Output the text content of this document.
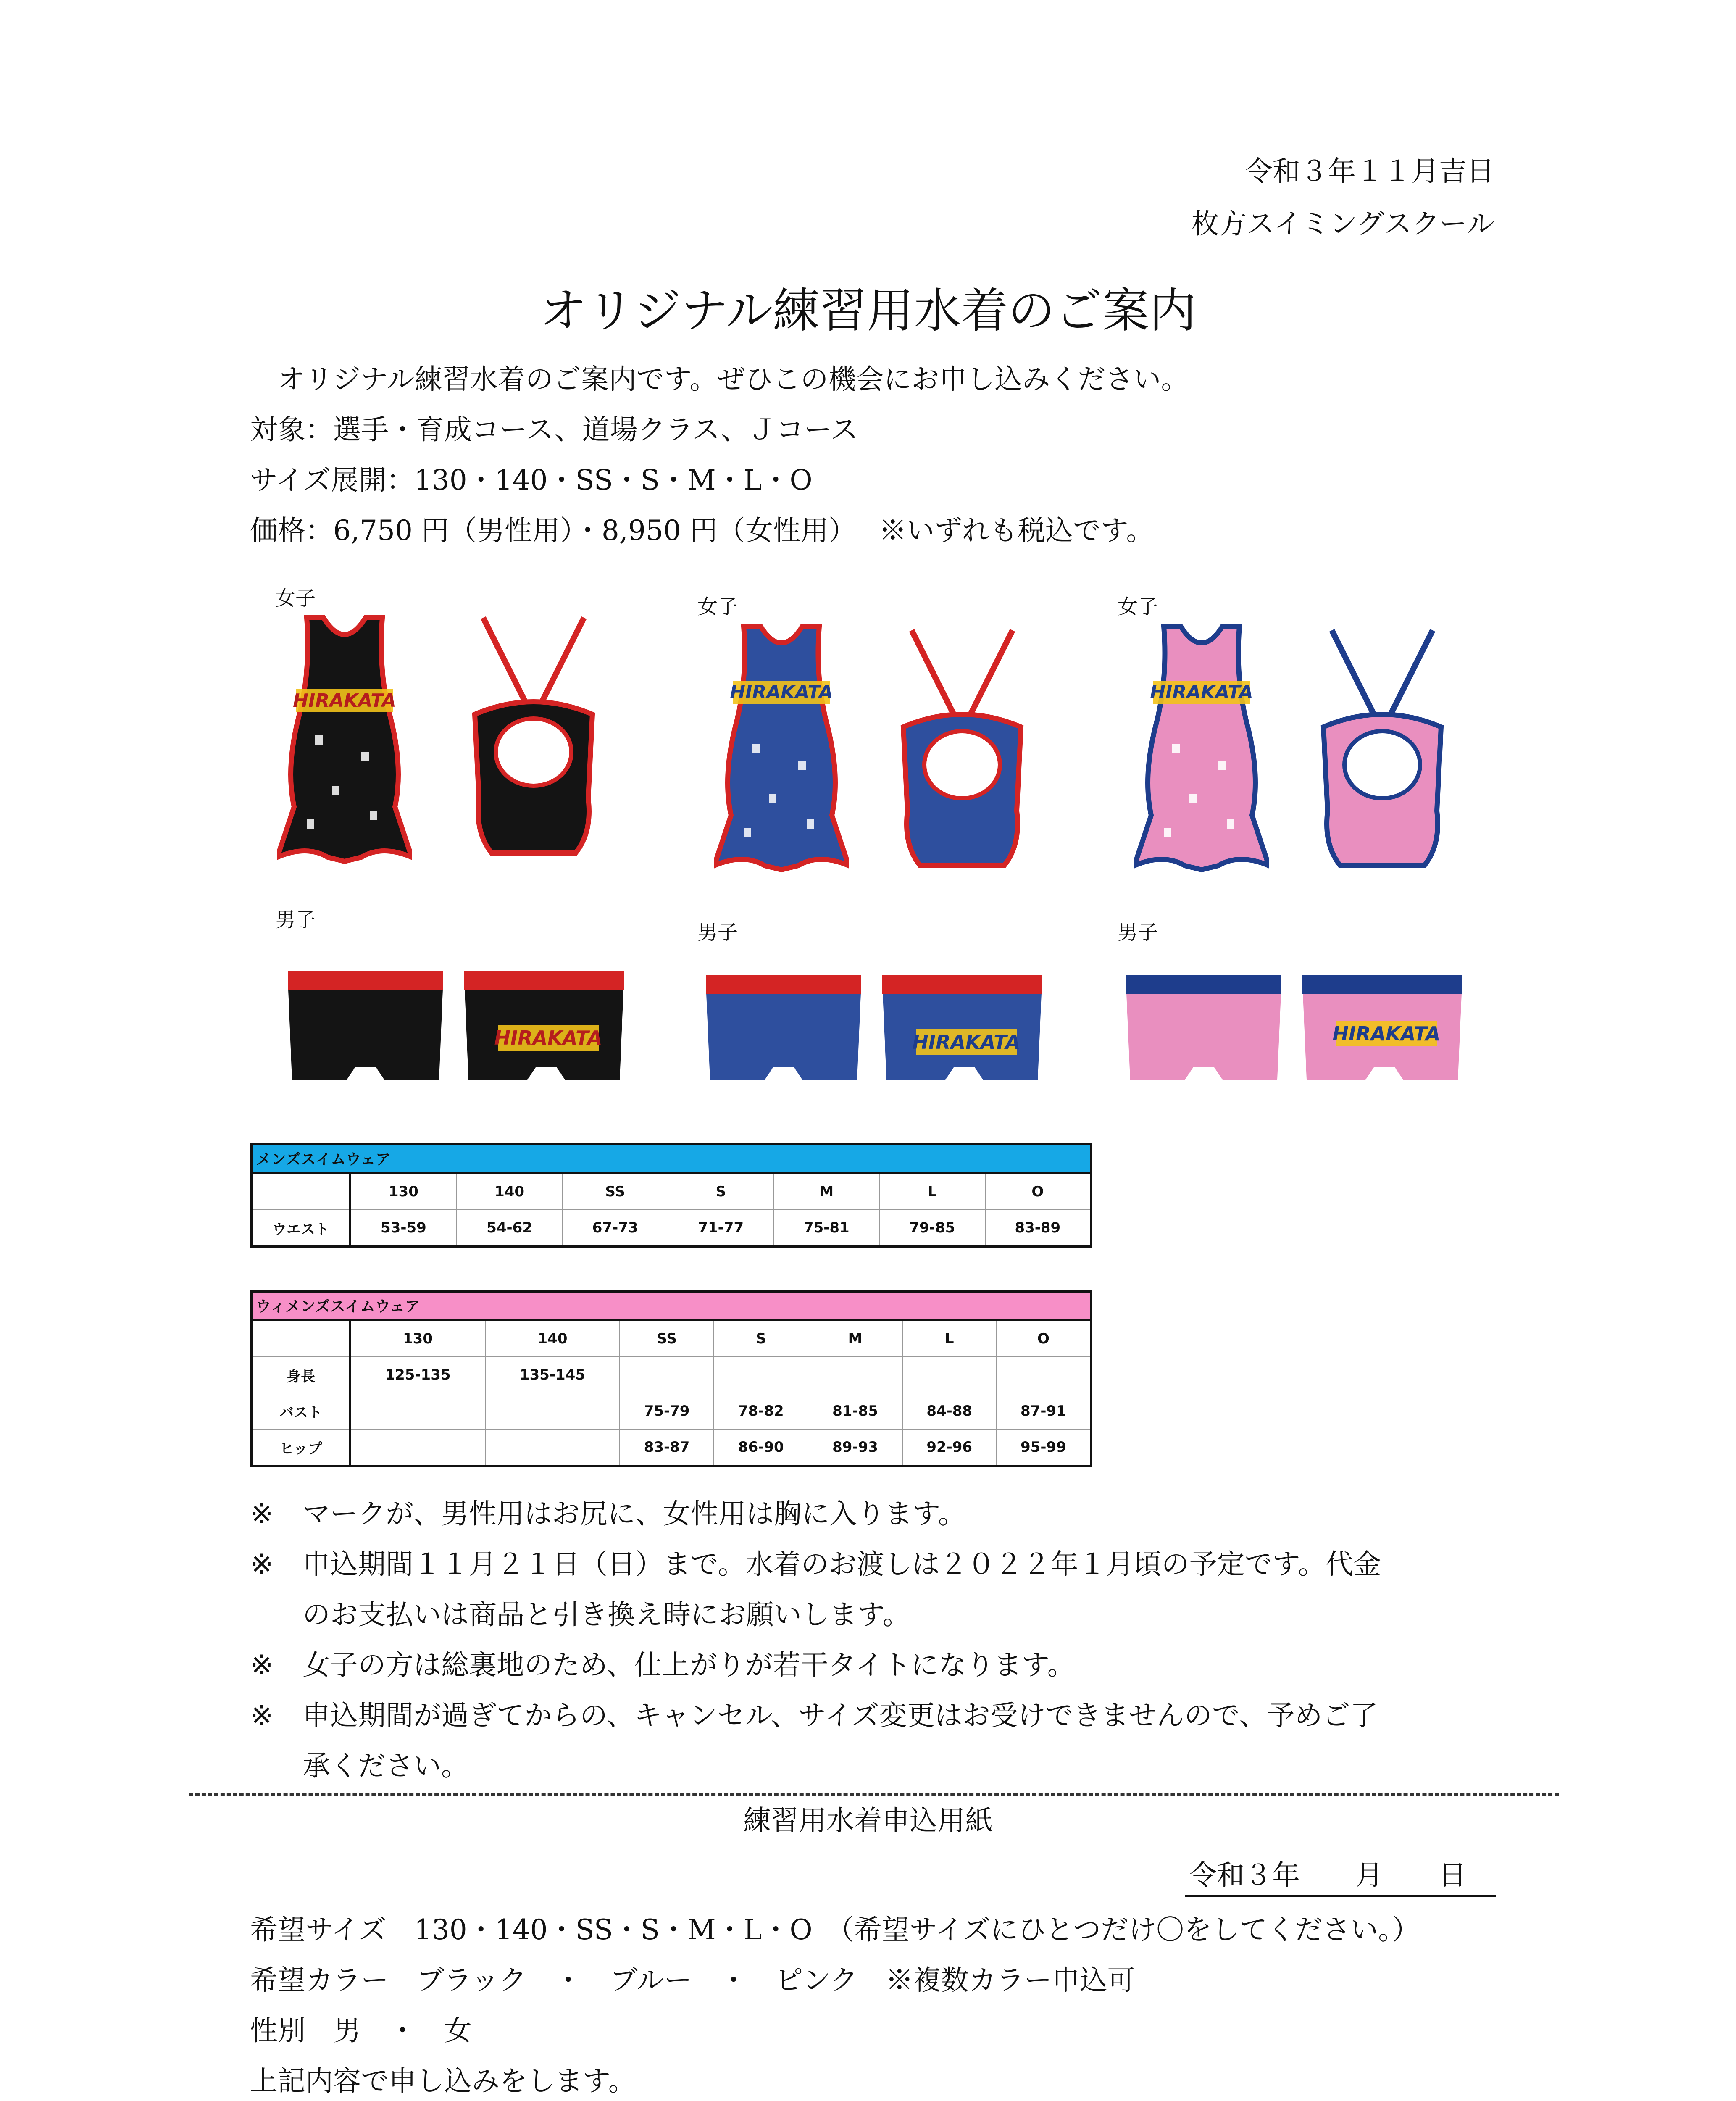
令和３年１１月吉日
枚方スイミングスクール
オリジナル練習用水着のご案内
オリジナル練習水着のご案内です。ぜひこの機会にお申し込みください。
対象：選手・育成コース、道場クラス、Ｊコース
サイズ展開：130・140・SS・S・M・L・O
価格：6,750 円（男性用）・8,950 円（女性用）　 ※いずれも税込です。
女子	女子	女子
男子
男子	男子
HIRAKATA	HIRAKATA	HIRAKATA
HIRAKATA	HIRAKATA	HIRAKATA
メンズスイムウェア
	130	140	SS	S	M	L	O
ウエスト	53-59	54-62	67-73	71-77	75-81	79-85	83-89
ウィメンズスイムウェア
	130	140	SS	S	M	L	O
身長	125-135	135-145					
バスト			75-79	78-82	81-85	84-88	87-91
ヒップ			83-87	86-90	89-93	92-96	95-99
※ マークが、男性用はお尻に、女性用は胸に入ります。
※ 申込期間１１月２１日（日）まで。水着のお渡しは２０２２年１月頃の予定です。代金
のお支払いは商品と引き換え時にお願いします。
※ 女子の方は総裏地のため、仕上がりが若干タイトになります。
※ 申込期間が過ぎてからの、キャンセル、サイズ変更はお受けできませんので、予めご了
承ください。
練習用水着申込用紙
令和３年　　月　　日
希望サイズ　130・140・SS・S・M・L・O　（希望サイズにひとつだけ〇をしてください。）
希望カラー　ブラック　・　ブルー　・　ピンク　※複数カラー申込可
性別　男　・　女
上記内容で申し込みをします。
